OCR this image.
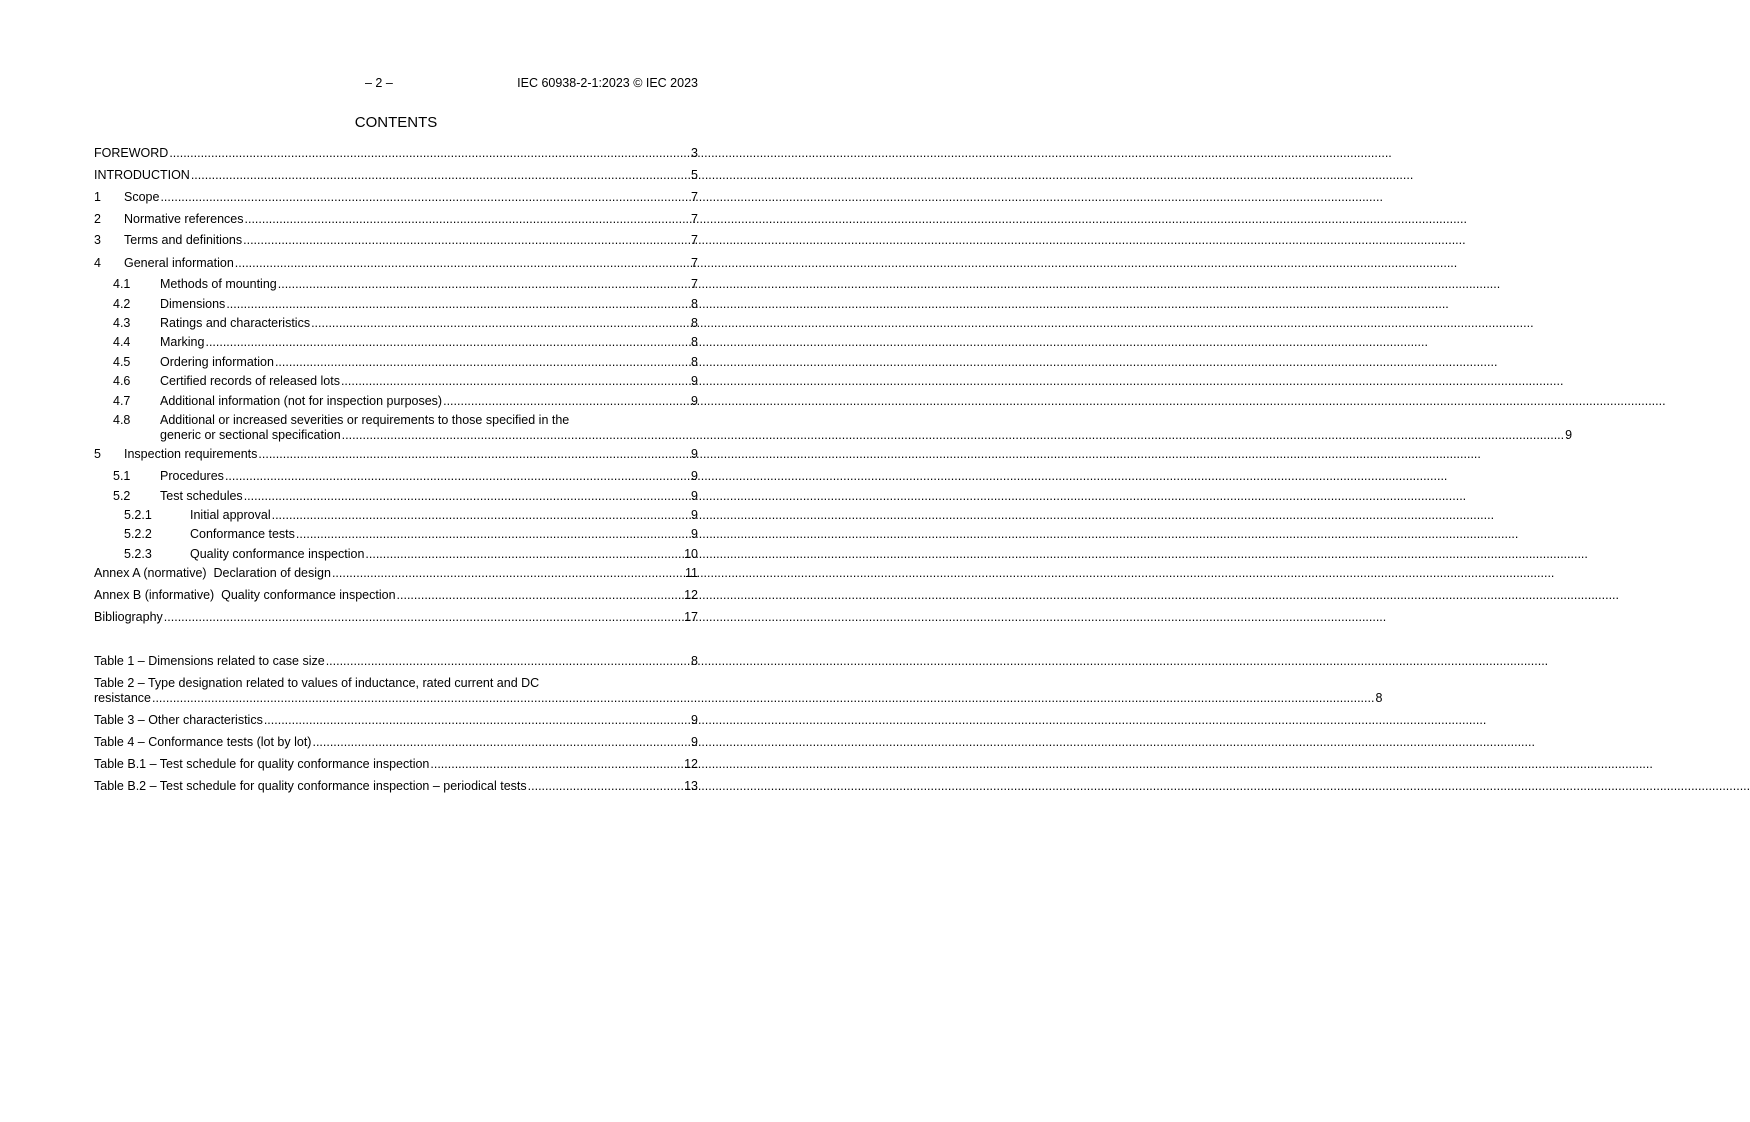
– 2 –	IEC 60938-2-1:2023 © IEC 2023
CONTENTS
FOREWORD .....	3
INTRODUCTION .....	5
1	Scope .....	7
2	Normative references .....	7
3	Terms and definitions .....	7
4	General information .....	7
4.1	Methods of mounting .....	7
4.2	Dimensions .....	8
4.3	Ratings and characteristics .....	8
4.4	Marking .....	8
4.5	Ordering information .....	8
4.6	Certified records of released lots .....	9
4.7	Additional information (not for inspection purposes) .....	9
4.8	Additional or increased severities or requirements to those specified in the
generic or sectional specification .....	9
5	Inspection requirements .....	9
5.1	Procedures .....	9
5.2	Test schedules .....	9
5.2.1	Initial approval .....	9
5.2.2	Conformance tests .....	9
5.2.3	Quality conformance inspection .....	10
Annex A (normative)  Declaration of design .....	11
Annex B (informative)  Quality conformance inspection .....	12
Bibliography .....	17
Table 1 – Dimensions related to case size .....	8
Table 2 – Type designation related to values of inductance, rated current and DC
resistance .....	8
Table 3 – Other characteristics .....	9
Table 4 – Conformance tests (lot by lot) .....	9
Table B.1 – Test schedule for quality conformance inspection .....	12
Table B.2 – Test schedule for quality conformance inspection – periodical tests .....	13
